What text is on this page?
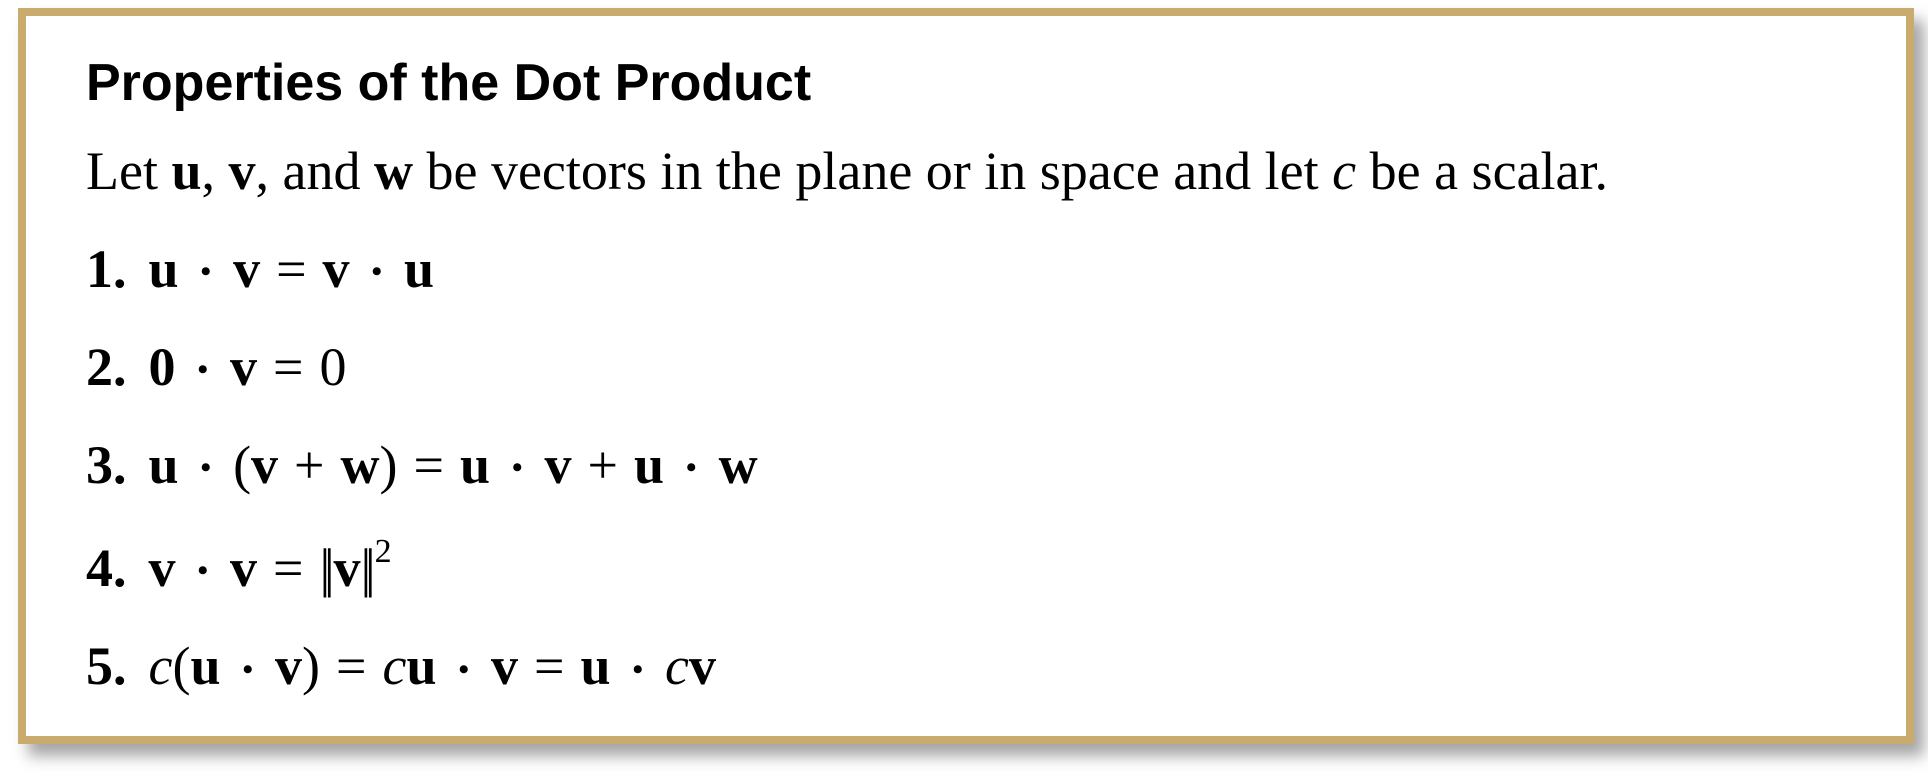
Properties of the Dot Product

Let u, v, and w be vectors in the plane or in space and let c be a scalar.

1. u • v = v • u
2. 0 • v = 0
3. u • (v + w) = u • v + u • w
4. v • v = ||v|| $^2$
5. c(u • v) = cu • v = u • cv
